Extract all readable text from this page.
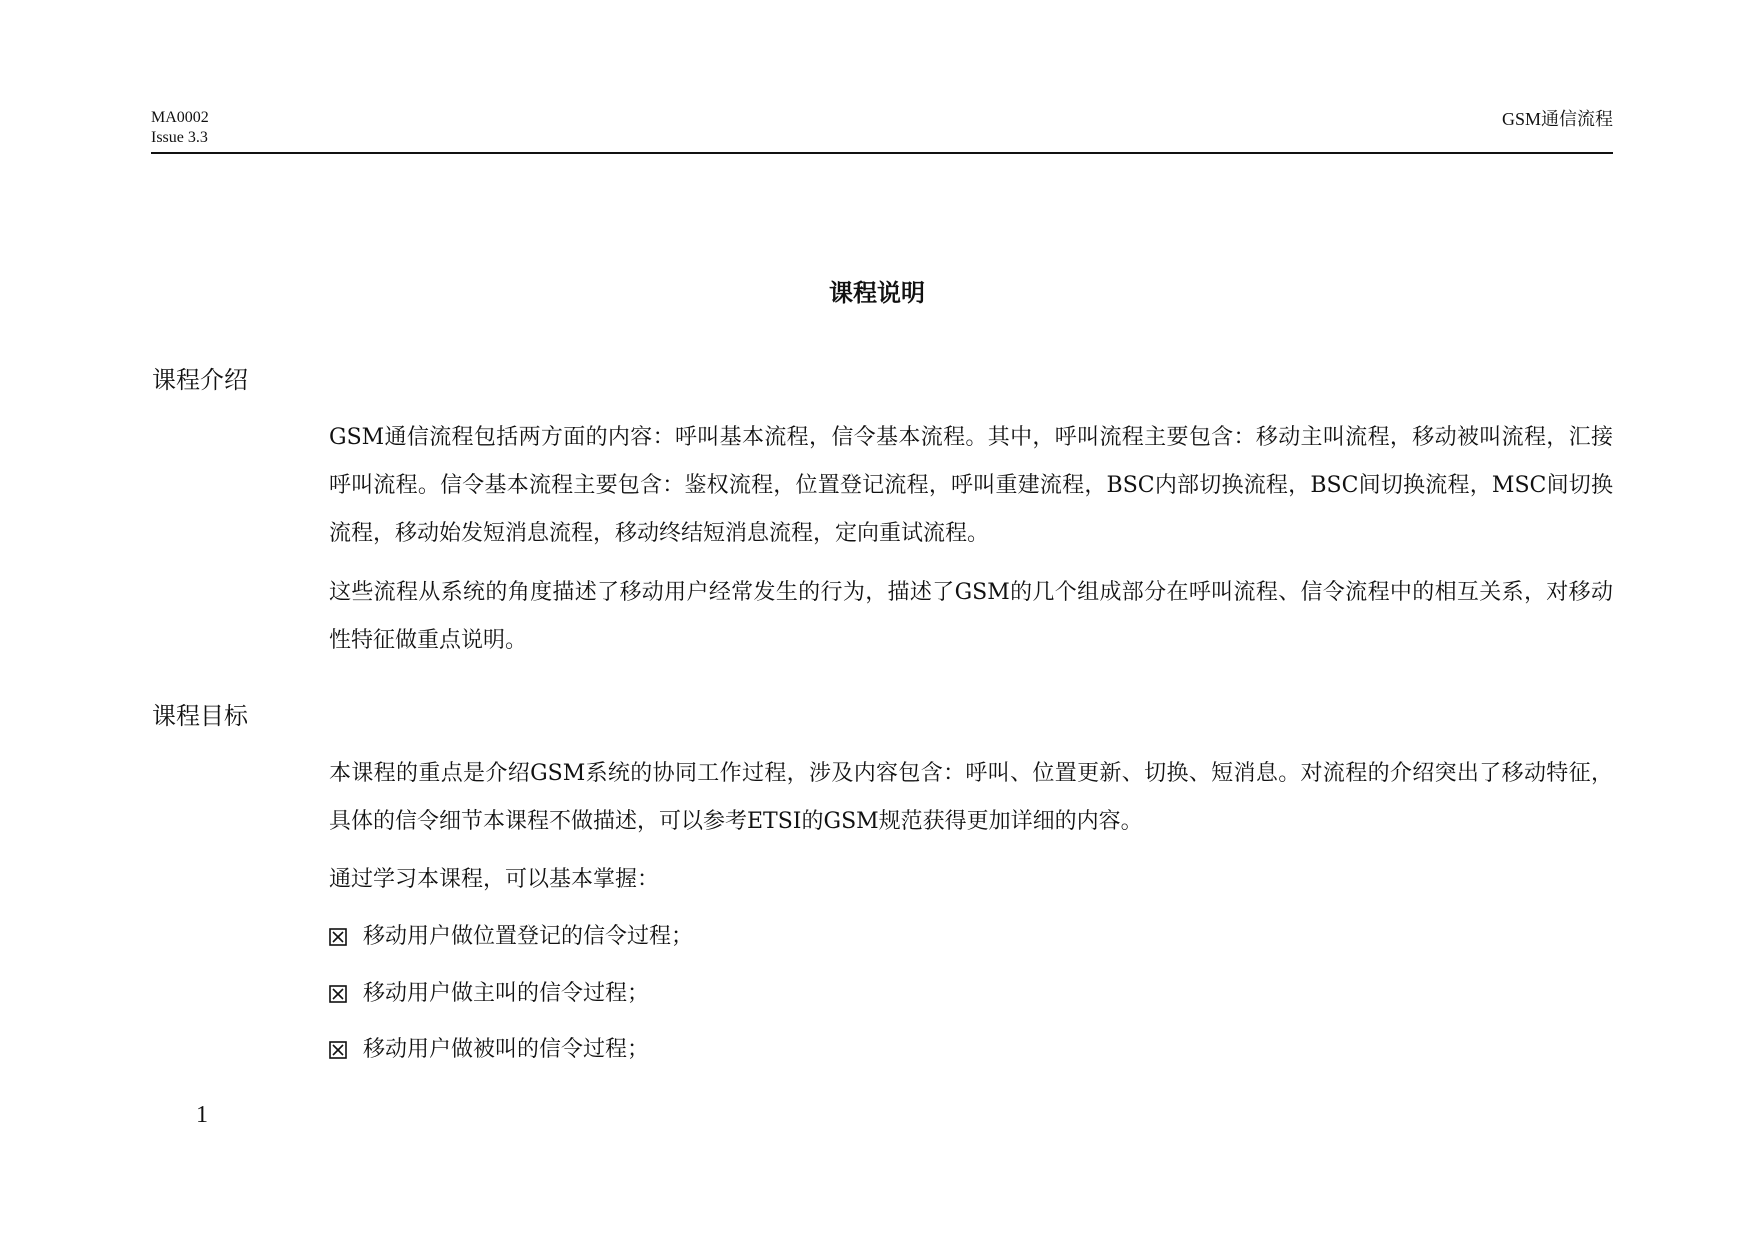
MA0002
Issue 3.3
GSM通信流程
课程说明
课程介绍

GSM通信流程包括两方面的内容：呼叫基本流程，信令基本流程。其中，呼叫流程主要包含：移动主叫流程，移动被叫流程，汇接呼叫流程。信令基本流程主要包含：鉴权流程，位置登记流程，呼叫重建流程，BSC内部切换流程，BSC间切换流程，MSC间切换流程，移动始发短消息流程，移动终结短消息流程，定向重试流程。

这些流程从系统的角度描述了移动用户经常发生的行为，描述了GSM的几个组成部分在呼叫流程、信令流程中的相互关系，对移动性特征做重点说明。

课程目标

本课程的重点是介绍GSM系统的协同工作过程，涉及内容包含：呼叫、位置更新、切换、短消息。对流程的介绍突出了移动特征，具体的信令细节本课程不做描述，可以参考ETSI的GSM规范获得更加详细的内容。

通过学习本课程，可以基本掌握：

移动用户做位置登记的信令过程；
移动用户做主叫的信令过程；
移动用户做被叫的信令过程；
1
